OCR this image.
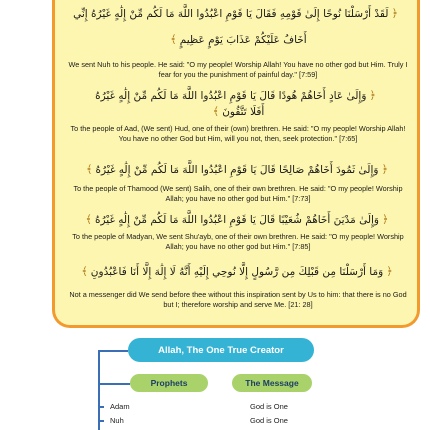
﴿لَقَدْ أَرْسَلْنَا نُوحًا إِلَىٰ قَوْمِهِ فَقَالَ يَا قَوْمِ اعْبُدُوا اللَّهَ مَا لَكُم مِّنْ إِلَٰهٍ غَيْرُهُ إِنِّي
أَخَافُ عَلَيْكُمْ عَذَابَ يَوْمٍ عَظِيمٍ﴾
We sent Nuh to his people. He said: "O my people! Worship Allah! You have no other god but Him. Truly I fear for you the punishment of painful day." [7:59]
﴿وَإِلَىٰ عَادٍ أَخَاهُمْ هُودًا قَالَ يَا قَوْمِ اعْبُدُوا اللَّهَ مَا لَكُم مِّنْ إِلَٰهٍ غَيْرُهُ
أَفَلَا تَتَّقُونَ﴾
To the people of Aad, (We sent) Hud, one of their (own) brethren. He said: "O my people! Worship Allah! You have no other God but Him, will you not, then, seek protection." [7:65]
﴿وَإِلَىٰ ثَمُودَ أَخَاهُمْ صَالِحًا قَالَ يَا قَوْمِ اعْبُدُوا اللَّهَ مَا لَكُم مِّنْ إِلَٰهٍ غَيْرُهُ﴾
To the people of Thamood (We sent) Salih, one of their own brethren. He said: "O my people! Worship Allah; you have no other god but Him." [7:73]
﴿وَإِلَىٰ مَدْيَنَ أَخَاهُمْ شُعَيْبًا قَالَ يَا قَوْمِ اعْبُدُوا اللَّهَ مَا لَكُم مِّنْ إِلَٰهٍ غَيْرُهُ﴾
To the people of Madyan, We sent Shu'ayb, one of their own brethren. He said: "O my people! Worship Allah; you have no other god but Him." [7:85]
﴿وَمَا أَرْسَلْنَا مِن قَبْلِكَ مِن رَّسُولٍ إِلَّا نُوحِي إِلَيْهِ أَنَّهُ لَا إِلَٰهَ إِلَّا أَنَا فَاعْبُدُونِ﴾
Not a messenger did We send before thee without this inspiration sent by Us to him: that there is no God but I; therefore worship and serve Me. [21: 28]
Allah, The One True Creator
Prophets	The Message
Adam	God is One
Nuh	God is One
